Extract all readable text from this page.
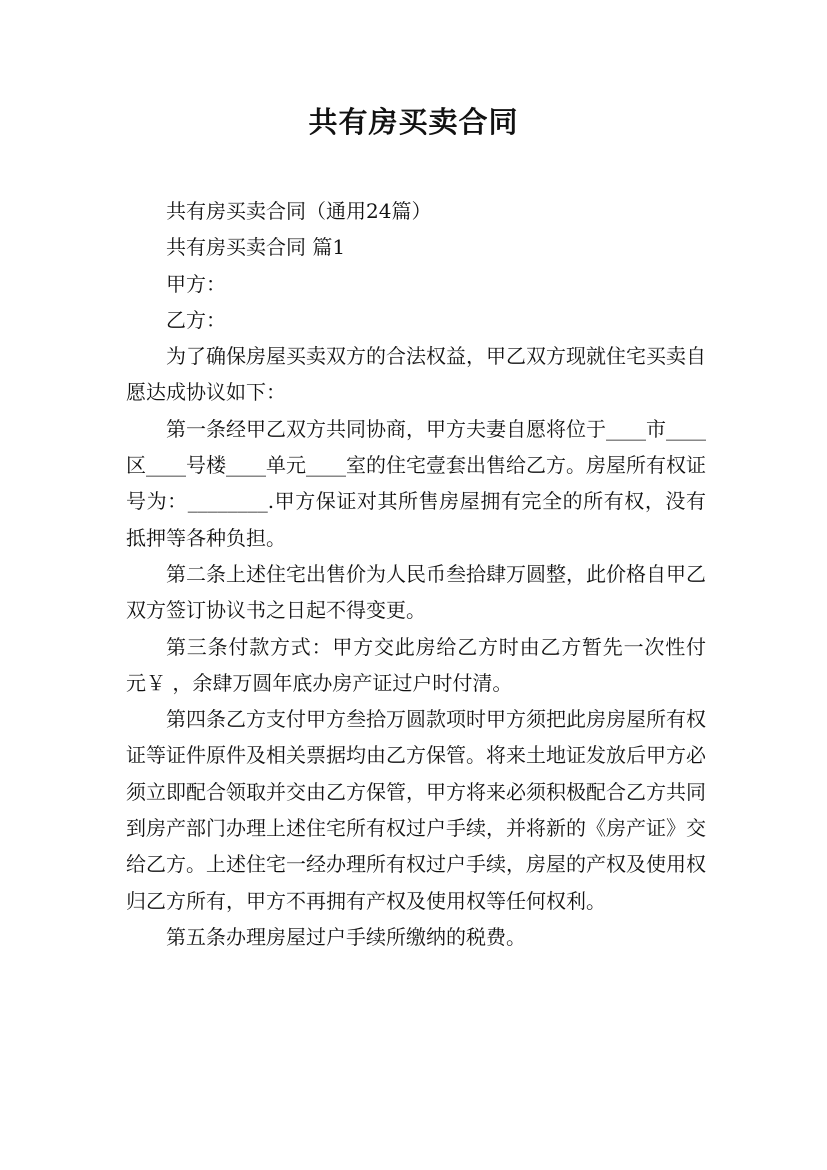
共有房买卖合同

共有房买卖合同（通用24篇）

共有房买卖合同 篇1

甲方：

乙方：

为了确保房屋买卖双方的合法权益，甲乙双方现就住宅买卖自愿达成协议如下：

第一条经甲乙双方共同协商，甲方夫妻自愿将位于____市____区____号楼____单元____室的住宅壹套出售给乙方。房屋所有权证号为：________.甲方保证对其所售房屋拥有完全的所有权，没有抵押等各种负担。

第二条上述住宅出售价为人民币叁拾肆万圆整，此价格自甲乙双方签订协议书之日起不得变更。

第三条付款方式：甲方交此房给乙方时由乙方暂先一次性付 元￥ ，余肆万圆年底办房产证过户时付清。

第四条乙方支付甲方叁拾万圆款项时甲方须把此房房屋所有权证等证件原件及相关票据均由乙方保管。将来土地证发放后甲方必须立即配合领取并交由乙方保管，甲方将来必须积极配合乙方共同到房产部门办理上述住宅所有权过户手续，并将新的《房产证》交给乙方。上述住宅一经办理所有权过户手续，房屋的产权及使用权归乙方所有，甲方不再拥有产权及使用权等任何权利。

第五条办理房屋过户手续所缴纳的税费。
